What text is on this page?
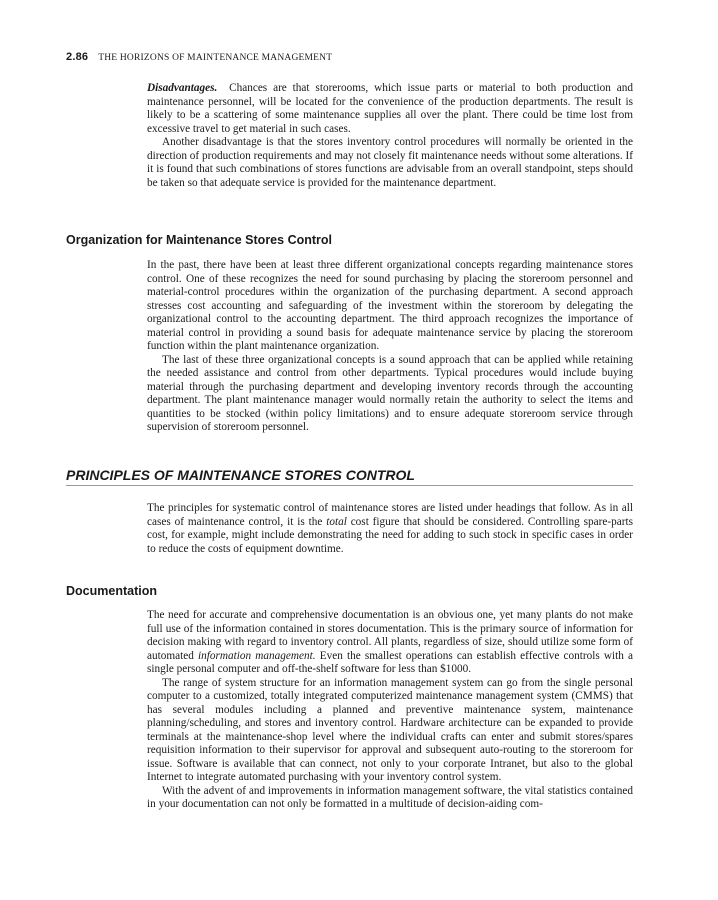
2.86 THE HORIZONS OF MAINTENANCE MANAGEMENT

Disadvantages. Chances are that storerooms, which issue parts or material to both production and maintenance personnel, will be located for the convenience of the production departments. The result is likely to be a scattering of some maintenance supplies all over the plant. There could be time lost from excessive travel to get material in such cases.

Another disadvantage is that the stores inventory control procedures will normally be oriented in the direction of production requirements and may not closely fit maintenance needs without some alterations. If it is found that such combinations of stores functions are advisable from an overall standpoint, steps should be taken so that adequate service is provided for the maintenance department.

Organization for Maintenance Stores Control

In the past, there have been at least three different organizational concepts regarding maintenance stores control. One of these recognizes the need for sound purchasing by placing the storeroom personnel and material-control procedures within the organization of the purchasing department. A second approach stresses cost accounting and safeguarding of the investment within the storeroom by delegating the organizational control to the accounting department. The third approach recognizes the importance of material control in providing a sound basis for adequate maintenance service by placing the storeroom function within the plant maintenance organization.

The last of these three organizational concepts is a sound approach that can be applied while retaining the needed assistance and control from other departments. Typical procedures would include buying material through the purchasing department and developing inventory records through the accounting department. The plant maintenance manager would normally retain the authority to select the items and quantities to be stocked (within policy limitations) and to ensure adequate storeroom service through supervision of storeroom personnel.

PRINCIPLES OF MAINTENANCE STORES CONTROL

The principles for systematic control of maintenance stores are listed under headings that follow. As in all cases of maintenance control, it is the total cost figure that should be considered. Controlling spare-parts cost, for example, might include demonstrating the need for adding to such stock in specific cases in order to reduce the costs of equipment downtime.

Documentation

The need for accurate and comprehensive documentation is an obvious one, yet many plants do not make full use of the information contained in stores documentation. This is the primary source of information for decision making with regard to inventory control. All plants, regardless of size, should utilize some form of automated information management. Even the smallest operations can establish effective controls with a single personal computer and off-the-shelf software for less than $1000.

The range of system structure for an information management system can go from the single personal computer to a customized, totally integrated computerized maintenance management system (CMMS) that has several modules including a planned and preventive maintenance system, maintenance planning/scheduling, and stores and inventory control. Hardware architecture can be expanded to provide terminals at the maintenance-shop level where the individual crafts can enter and submit stores/spares requisition information to their supervisor for approval and subsequent auto-routing to the storeroom for issue. Software is available that can connect, not only to your corporate Intranet, but also to the global Internet to integrate automated purchasing with your inventory control system.

With the advent of and improvements in information management software, the vital statistics contained in your documentation can not only be formatted in a multitude of decision-aiding com-
